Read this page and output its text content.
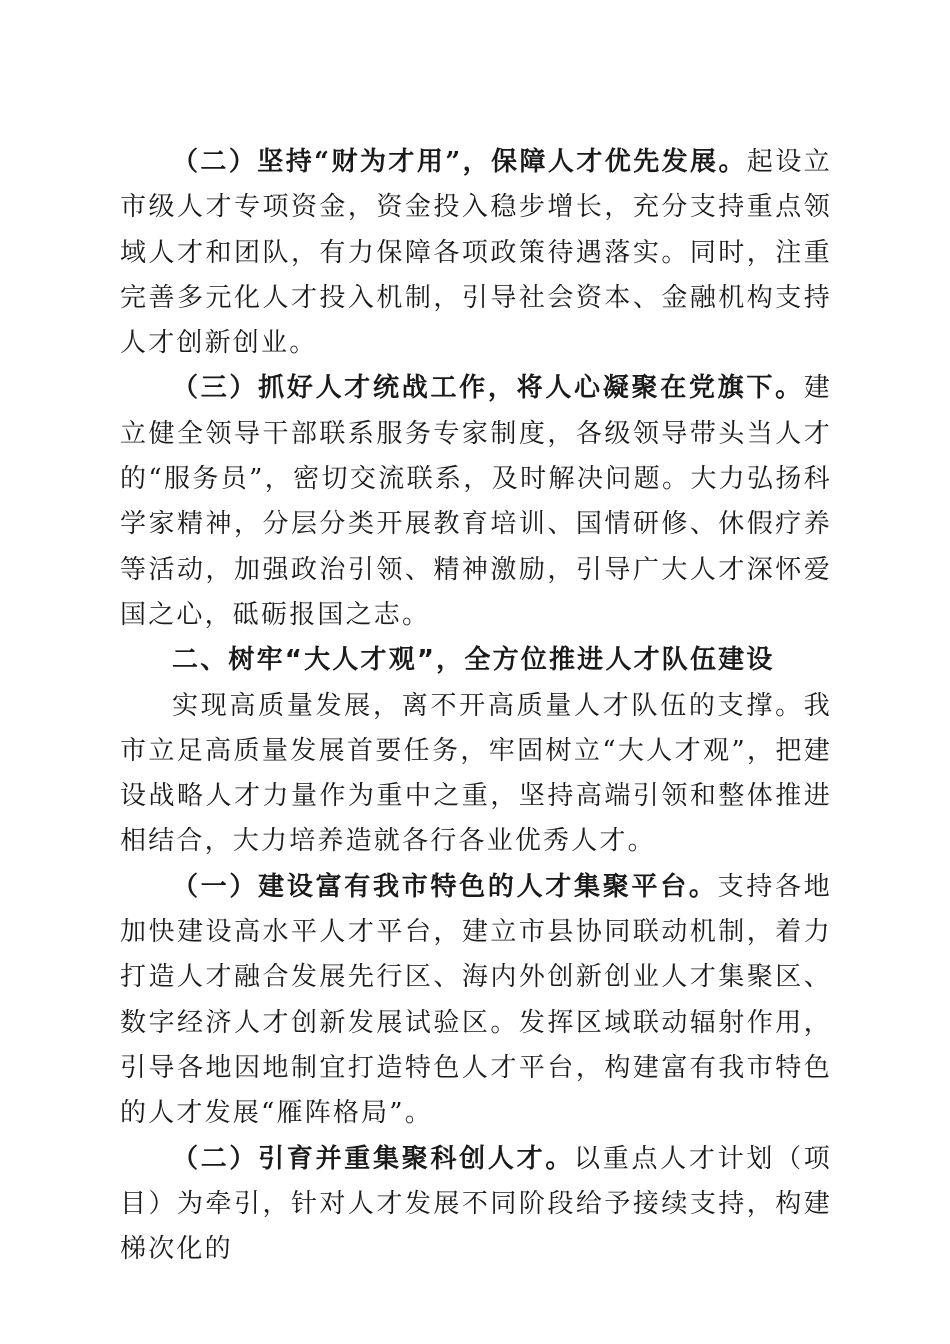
（二）坚持“财为才用”，保障人才优先发展。起设立市级人才专项资金，资金投入稳步增长，充分支持重点领域人才和团队，有力保障各项政策待遇落实。同时，注重完善多元化人才投入机制，引导社会资本、金融机构支持人才创新创业。

（三）抓好人才统战工作，将人心凝聚在党旗下。建立健全领导干部联系服务专家制度，各级领导带头当人才的“服务员”，密切交流联系，及时解决问题。大力弘扬科学家精神，分层分类开展教育培训、国情研修、休假疗养等活动，加强政治引领、精神激励，引导广大人才深怀爱国之心，砥砺报国之志。

二、树牢“大人才观”，全方位推进人才队伍建设

实现高质量发展，离不开高质量人才队伍的支撑。我市立足高质量发展首要任务，牢固树立“大人才观”，把建设战略人才力量作为重中之重，坚持高端引领和整体推进相结合，大力培养造就各行各业优秀人才。

（一）建设富有我市特色的人才集聚平台。支持各地加快建设高水平人才平台，建立市县协同联动机制，着力打造人才融合发展先行区、海内外创新创业人才集聚区、数字经济人才创新发展试验区。发挥区域联动辐射作用，引导各地因地制宜打造特色人才平台，构建富有我市特色的人才发展“雁阵格局”。

（二）引育并重集聚科创人才。以重点人才计划（项目）为牵引，针对人才发展不同阶段给予接续支持，构建梯次化的
